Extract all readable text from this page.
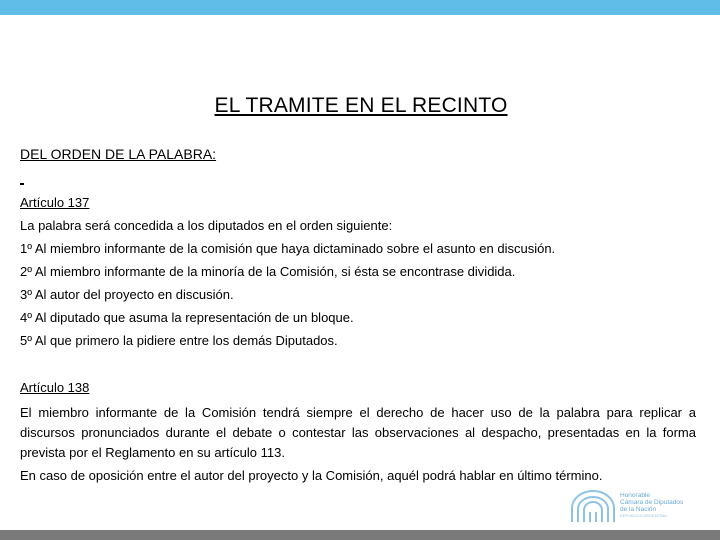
EL TRAMITE EN EL RECINTO
DEL ORDEN DE LA PALABRA:
Artículo 137
La palabra será concedida a los diputados en el orden siguiente:
1º Al miembro informante de la comisión que haya dictaminado sobre el asunto en discusión.
2º Al miembro informante de la minoría de la Comisión, si ésta se encontrase dividida.
3º Al autor del proyecto en discusión.
4º Al diputado que asuma la representación de un bloque.
5º Al que primero la pidiere entre los demás Diputados.
Artículo 138
El miembro informante de la Comisión tendrá siempre el derecho de hacer uso de la palabra para replicar a discursos pronunciados durante el debate o contestar las observaciones al despacho, presentadas en la forma prevista por el Reglamento en su artículo 113.
En caso de oposición entre el autor del proyecto y la Comisión, aquél podrá hablar en último término.
Honorable
Cámara de Diputados
de la Nación
REPÚBLICA ARGENTINA
